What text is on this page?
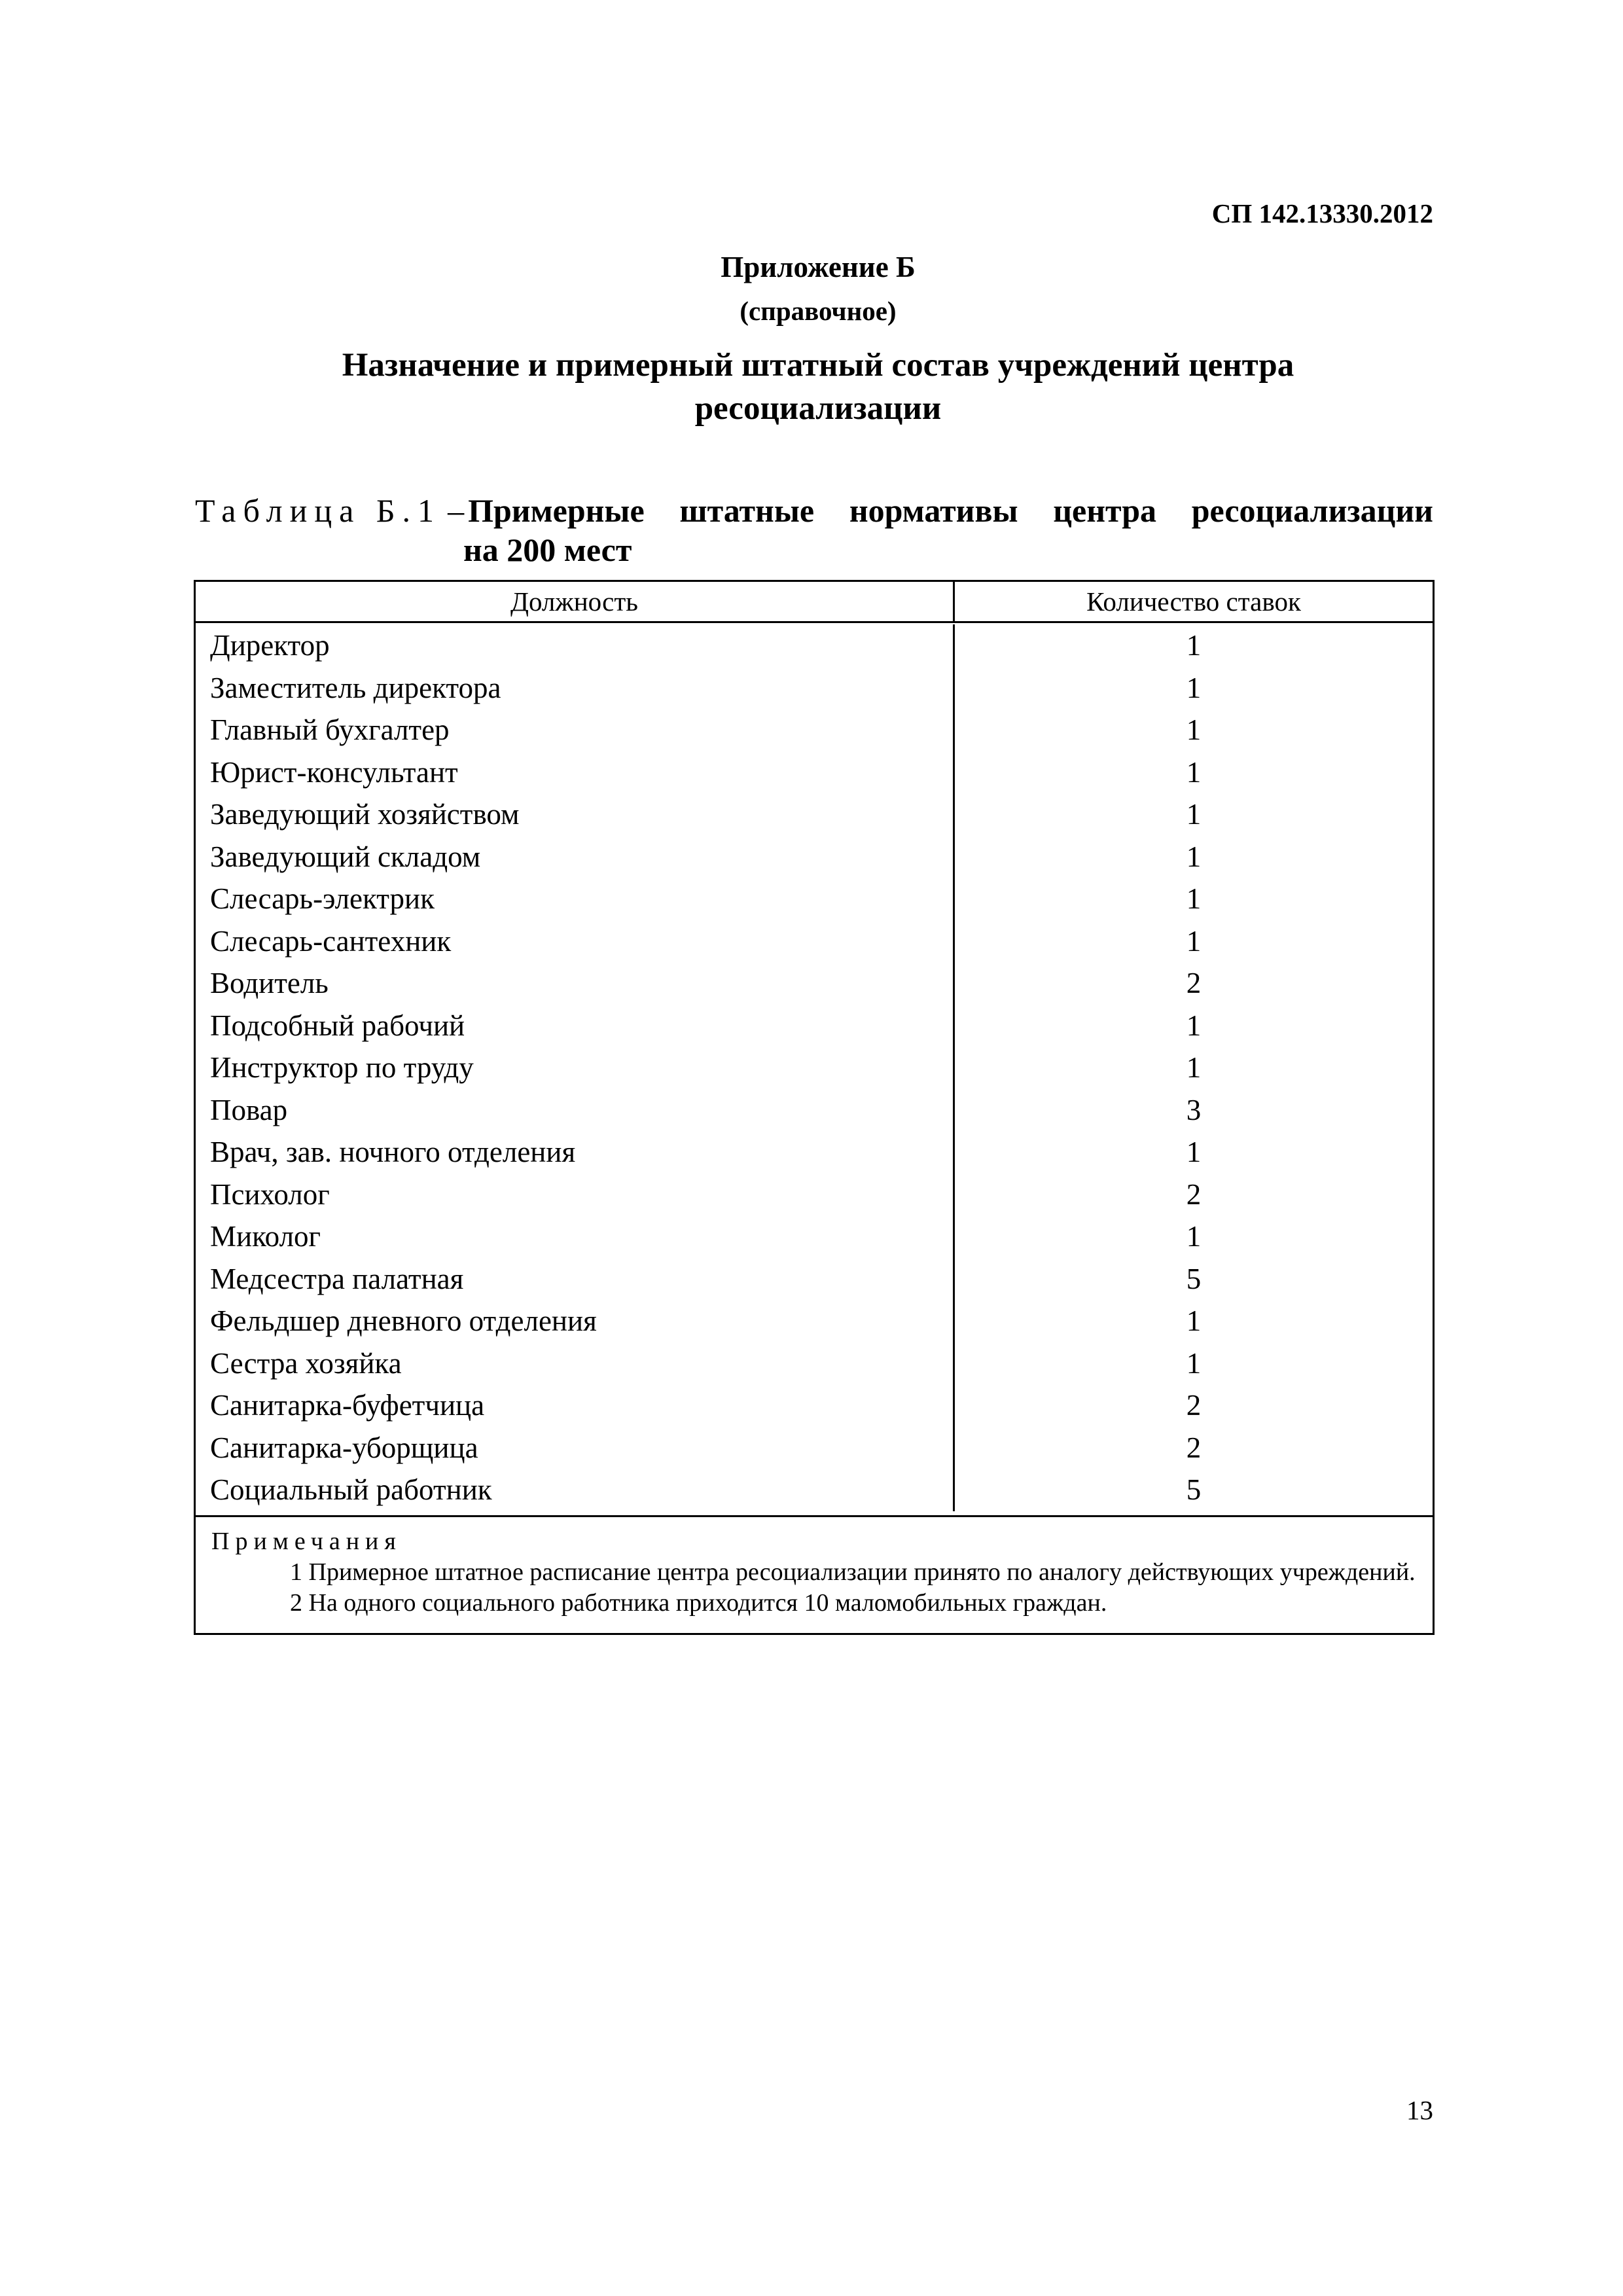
СП 142.13330.2012
Приложение Б
(справочное)
Назначение и примерный штатный состав учреждений центра
ресоциализации
Таблица Б.1 – Примерные штатные нормативы центра ресоциализации
на 200 мест
Должность	Количество ставок
Директор	1
Заместитель директора	1
Главный бухгалтер	1
Юрист-консультант	1
Заведующий хозяйством	1
Заведующий складом	1
Слесарь-электрик	1
Слесарь-сантехник	1
Водитель	2
Подсобный рабочий	1
Инструктор по труду	1
Повар	3
Врач, зав. ночного отделения	1
Психолог	2
Миколог	1
Медсестра палатная	5
Фельдшер дневного отделения	1
Сестра хозяйка	1
Санитарка-буфетчица	2
Санитарка-уборщица	2
Социальный работник	5
Примечания
1 Примерное штатное расписание центра ресоциализации принято по аналогу действующих учреждений.
2 На одного социального работника приходится 10 маломобильных граждан.
13
